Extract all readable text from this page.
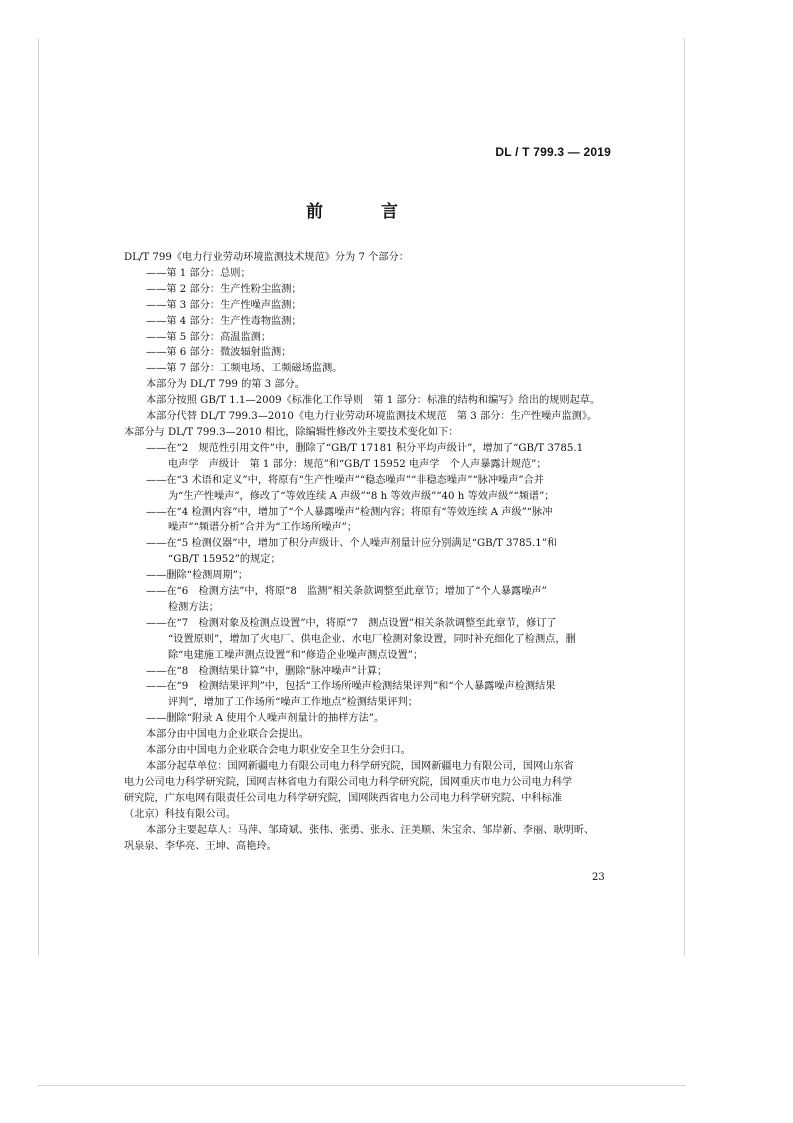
DL / T 799.3 — 2019
前 言

DL/T 799《电力行业劳动环境监测技术规范》分为 7 个部分：

——第 1 部分：总则；

——第 2 部分：生产性粉尘监测；

——第 3 部分：生产性噪声监测；

——第 4 部分：生产性毒物监测；

——第 5 部分：高温监测；

——第 6 部分：微波辐射监测；

——第 7 部分：工频电场、工频磁场监测。

本部分为 DL/T 799 的第 3 部分。

本部分按照 GB/T 1.1—2009《标准化工作导则　第 1 部分：标准的结构和编写》给出的规则起草。

本部分代替 DL/T 799.3—2010《电力行业劳动环境监测技术规范　第 3 部分：生产性噪声监测》。

本部分与 DL/T 799.3—2010 相比，除编辑性修改外主要技术变化如下：

——在“2　规范性引用文件”中，删除了“GB/T 17181 积分平均声级计”，增加了“GB/T 3785.1

电声学　声级计　第 1 部分：规范”和“GB/T 15952 电声学　个人声暴露计规范”；

——在“3 术语和定义”中，将原有“生产性噪声”“稳态噪声”“非稳态噪声”“脉冲噪声”合并

为“生产性噪声”，修改了“等效连续 A 声级”“8 h 等效声级”“40 h 等效声级”“频谱”；

——在“4 检测内容”中，增加了“个人暴露噪声”检测内容；将原有“等效连续 A 声级”“脉冲

噪声”“频谱分析”合并为“工作场所噪声”；

——在“5 检测仪器”中，增加了积分声级计、个人噪声剂量计应分别满足“GB/T 3785.1”和

“GB/T 15952”的规定；

——删除“检测周期”；

——在“6　检测方法”中，将原“8　监测”相关条款调整至此章节；增加了“个人暴露噪声”

检测方法；

——在“7　检测对象及检测点设置”中，将原“7　测点设置”相关条款调整至此章节，修订了

“设置原则”，增加了火电厂、供电企业、水电厂检测对象设置，同时补充细化了检测点，删

除“电建施工噪声测点设置”和“修造企业噪声测点设置”；

——在“8　检测结果计算”中，删除“脉冲噪声”计算；

——在“9　检测结果评判”中，包括“工作场所噪声检测结果评判”和“个人暴露噪声检测结果

评判”，增加了工作场所“噪声工作地点”检测结果评判；

——删除“附录 A 使用个人噪声剂量计的抽样方法”。

本部分由中国电力企业联合会提出。

本部分由中国电力企业联合会电力职业安全卫生分会归口。

本部分起草单位：国网新疆电力有限公司电力科学研究院，国网新疆电力有限公司，国网山东省

电力公司电力科学研究院，国网吉林省电力有限公司电力科学研究院，国网重庆市电力公司电力科学

研究院，广东电网有限责任公司电力科学研究院，国网陕西省电力公司电力科学研究院、中科标准

（北京）科技有限公司。

本部分主要起草人：马萍、邹琦斌、张伟、张勇、张永、汪美顺、朱宝余、邹岸新、李丽、耿明昕、

巩泉泉、李华亮、王坤、高艳玲。

23
